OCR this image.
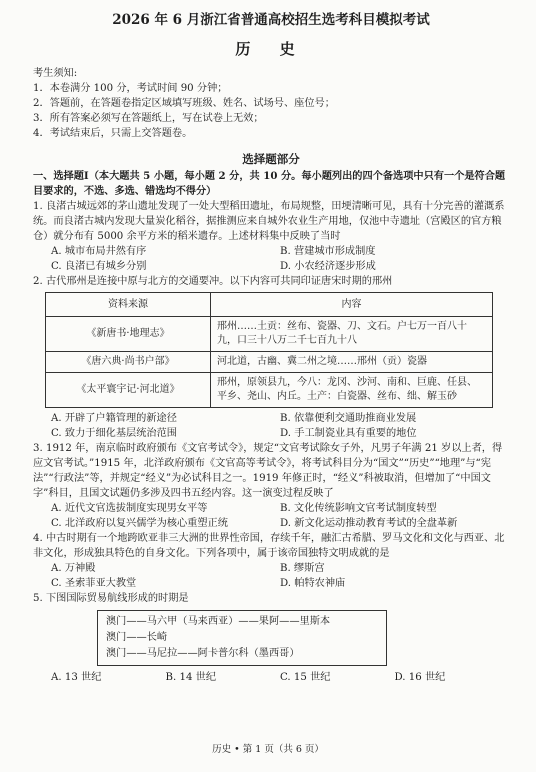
2026 年 6 月浙江省普通高校招生选考科目模拟考试
历 史

考生须知:

1．本卷满分 100 分，考试时间 90 分钟；

2．答题前，在答题卷指定区域填写班级、姓名、试场号、座位号；

3．所有答案必须写在答题纸上，写在试卷上无效；

4．考试结束后，只需上交答题卷。

选择题部分

一、选择题Ⅰ（本大题共 5 小题，每小题 2 分，共 10 分。每小题列出的四个备选项中只有一个是符合题目要求的，不选、多选、错选均不得分）

1. 良渚古城远郊的茅山遗址发现了一处大型稻田遗址，布局规整，田埂清晰可见，具有十分完善的灌溉系统。而良渚古城内发现大量炭化稻谷，据推测应来自城外农业生产用地，仅池中寺遗址（宫殿区的官方粮仓）就分布有 5000 余平方米的稻米遗存。上述材料集中反映了当时

A. 城市布局井然有序	B. 营建城市形成制度
C. 良渚已有城乡分别	D. 小农经济逐步形成

2. 古代邢州是连接中原与北方的交通要冲。以下内容可共同印证唐宋时期的邢州

资料来源	内容
《新唐书·地理志》	邢州……土贡：丝布、瓷器、刀、文石。户七万一百八十九，口三十八万二千七百九十八
《唐六典·尚书户部》	河北道，古幽、冀二州之境……邢州（贡）瓷器
《太平寰宇记·河北道》	邢州，原领县九，今八：龙冈、沙河、南和、巨鹿、任县、平乡、尧山、内丘。土产：白瓷器、丝布、绌、解玉砂
A. 开辟了户籍管理的新途径	B. 依靠便利交通助推商业发展
C. 致力于细化基层统治范围	D. 手工制瓷业具有重要的地位

3. 1912 年，南京临时政府颁布《文官考试令》，规定“文官考试除女子外，凡男子年满 21 岁以上者，得应文官考试。”1915 年，北洋政府颁布《文官高等考试令》，将考试科目分为“国文”“历史”“地理”与“宪法”“行政法”等，并规定“经义”为必试科目之一。1919 年修正时，“经义”科被取消，但增加了“中国文字”科目，且国文试题仍多涉及四书五经内容。这一演变过程反映了

A. 近代文官选拔制度实现男女平等	B. 文化传统影响文官考试制度转型
C. 北洋政府以复兴儒学为核心重塑正统	D. 新文化运动推动教育考试的全盘革新

4. 中古时期有一个地跨欧亚非三大洲的世界性帝国，存续千年，融汇古希腊、罗马文化和文化与西亚、北非文化，形成独具特色的自身文化。下列各项中，属于该帝国独特文明成就的是

A. 万神殿	B. 缪斯宫
C. 圣索菲亚大教堂	D. 帕特农神庙

5. 下图国际贸易航线形成的时期是

澳门——马六甲（马来西亚）——果阿——里斯本
澳门——长崎
澳门——马尼拉——阿卡普尔科（墨西哥）
A. 13 世纪	B. 14 世纪	C. 15 世纪	D. 16 世纪
历史 • 第 1 页（共 6 页）
